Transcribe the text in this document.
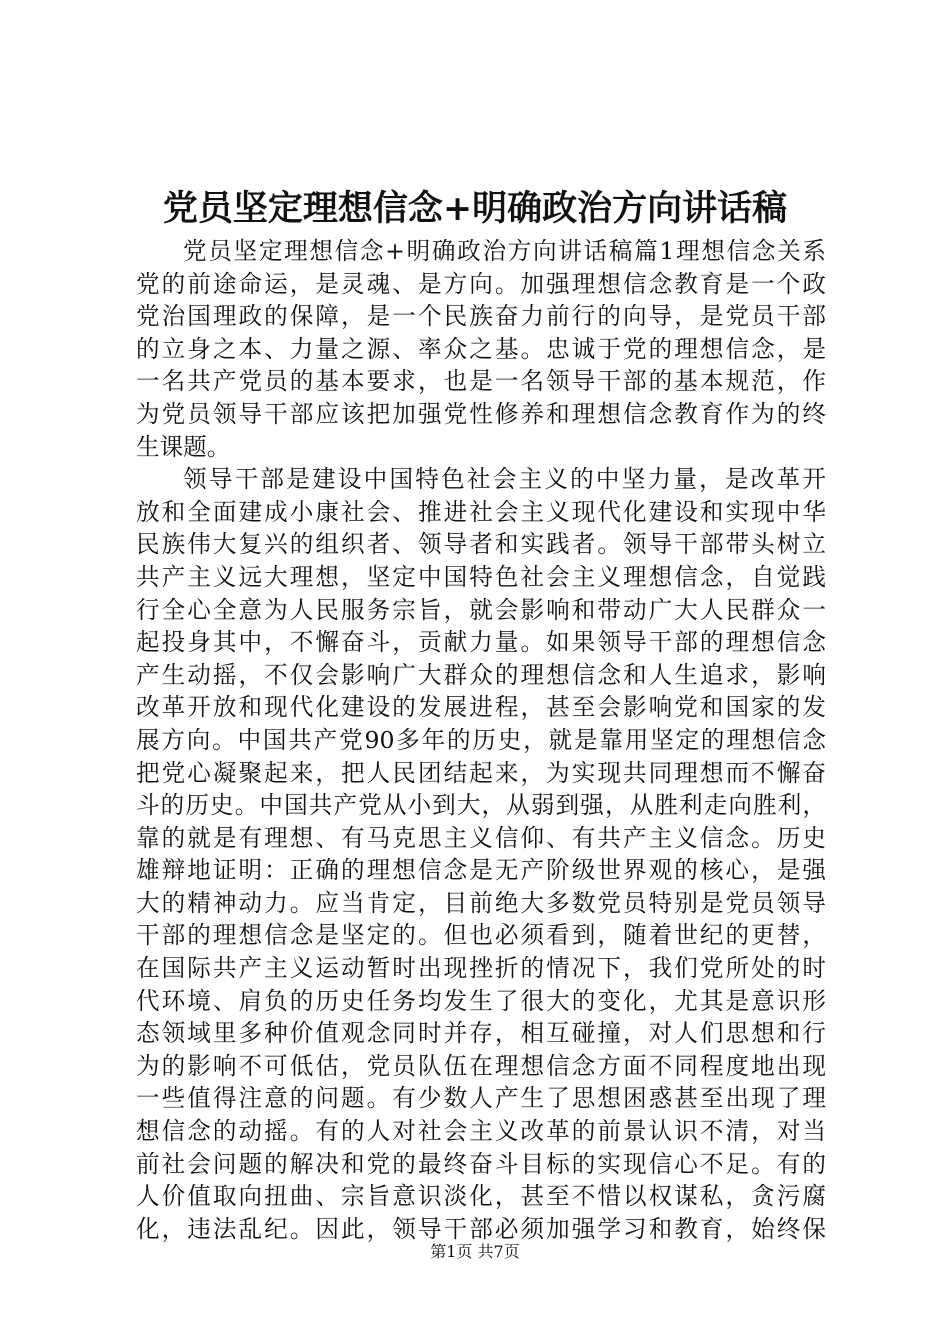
党员坚定理想信念+明确政治方向讲话稿
党员坚定理想信念+明确政治方向讲话稿篇1理想信念关系
党的前途命运，是灵魂、是方向。加强理想信念教育是一个政
党治国理政的保障，是一个民族奋力前行的向导，是党员干部
的立身之本、力量之源、率众之基。忠诚于党的理想信念，是
一名共产党员的基本要求，也是一名领导干部的基本规范，作
为党员领导干部应该把加强党性修养和理想信念教育作为的终
生课题。
领导干部是建设中国特色社会主义的中坚力量，是改革开
放和全面建成小康社会、推进社会主义现代化建设和实现中华
民族伟大复兴的组织者、领导者和实践者。领导干部带头树立
共产主义远大理想，坚定中国特色社会主义理想信念，自觉践
行全心全意为人民服务宗旨，就会影响和带动广大人民群众一
起投身其中，不懈奋斗，贡献力量。如果领导干部的理想信念
产生动摇，不仅会影响广大群众的理想信念和人生追求，影响
改革开放和现代化建设的发展进程，甚至会影响党和国家的发
展方向。中国共产党90多年的历史，就是靠用坚定的理想信念
把党心凝聚起来，把人民团结起来，为实现共同理想而不懈奋
斗的历史。中国共产党从小到大，从弱到强，从胜利走向胜利，
靠的就是有理想、有马克思主义信仰、有共产主义信念。历史
雄辩地证明：正确的理想信念是无产阶级世界观的核心，是强
大的精神动力。应当肯定，目前绝大多数党员特别是党员领导
干部的理想信念是坚定的。但也必须看到，随着世纪的更替，
在国际共产主义运动暂时出现挫折的情况下，我们党所处的时
代环境、肩负的历史任务均发生了很大的变化，尤其是意识形
态领域里多种价值观念同时并存，相互碰撞，对人们思想和行
为的影响不可低估，党员队伍在理想信念方面不同程度地出现
一些值得注意的问题。有少数人产生了思想困惑甚至出现了理
想信念的动摇。有的人对社会主义改革的前景认识不清，对当
前社会问题的解决和党的最终奋斗目标的实现信心不足。有的
人价值取向扭曲、宗旨意识淡化，甚至不惜以权谋私，贪污腐
化，违法乱纪。因此，领导干部必须加强学习和教育，始终保
第1页 共7页
